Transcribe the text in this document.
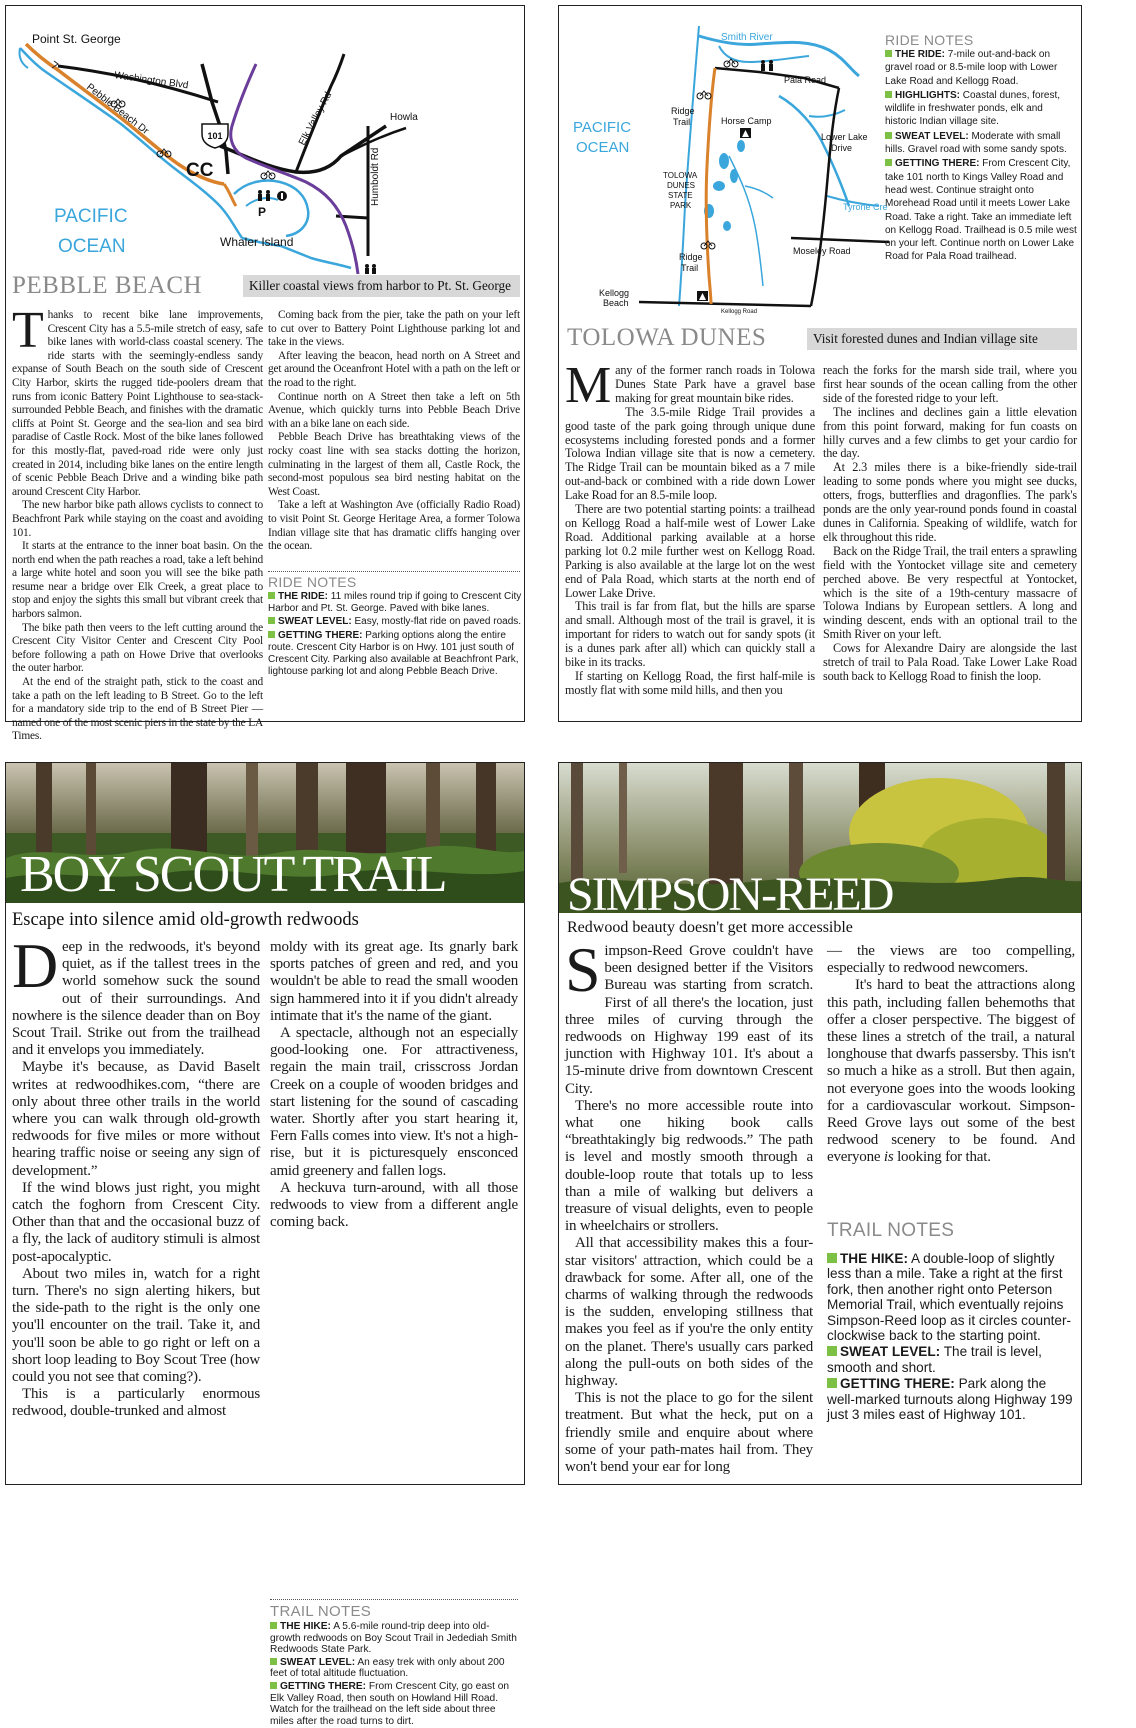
101
P
Point St. George
Washington Blvd
Pebble Beach Dr	Elk Valley Rd	Howla
Humboldt Rd
CC
PACIFIC
OCEAN	Whaler Island
PEBBLE BEACH	Killer coastal views from harbor to Pt. St. George

Thanks to recent bike lane improvements, Crescent City has a 5.5-mile stretch of easy, safe bike lanes with world-class coastal scenery. The ride starts with the seemingly-endless sandy expanse of South Beach on the south side of Crescent City Harbor, skirts the rugged tide-poolers dream that runs from iconic Battery Point Lighthouse to sea-stack-surrounded Pebble Beach, and finishes with the dramatic cliffs at Point St. George and the sea-lion and sea bird paradise of Castle Rock. Most of the bike lanes followed for this mostly-flat, paved-road ride were only just created in 2014, including bike lanes on the entire length of scenic Pebble Beach Drive and a winding bike path around Crescent City Harbor.

The new harbor bike path allows cyclists to connect to Beachfront Park while staying on the coast and avoiding 101.

It starts at the entrance to the inner boat basin. On the north end when the path reaches a road, take a left behind a large white hotel and soon you will see the bike path resume near a bridge over Elk Creek, a great place to stop and enjoy the sights this small but vibrant creek that harbors salmon.

The bike path then veers to the left cutting around the Crescent City Visitor Center and Crescent City Pool before following a path on Howe Drive that overlooks the outer harbor.

At the end of the straight path, stick to the coast and take a path on the left leading to B Street. Go to the left for a mandatory side trip to the end of B Street Pier — named one of the most scenic piers in the state by the LA Times.

Coming back from the pier, take the path on your left to cut over to Battery Point Lighthouse parking lot and take in the views.

After leaving the beacon, head north on A Street and get around the Oceanfront Hotel with a path on the left or the road to the right.

Continue north on A Street then take a left on 5th Avenue, which quickly turns into Pebble Beach Drive with an a bike lane on each side.

Pebble Beach Drive has breathtaking views of the rocky coast line with sea stacks dotting the horizon, culminating in the largest of them all, Castle Rock, the second-most populous sea bird nesting habitat on the West Coast.

Take a left at Washington Ave (officially Radio Road) to visit Point St. George Heritage Area, a former Tolowa Indian village site that has dramatic cliffs hanging over the ocean.

RIDE NOTES
THE RIDE: 11 miles round trip if going to Crescent City Harbor and Pt. St. George. Paved with bike lanes.
SWEAT LEVEL: Easy, mostly-flat ride on paved roads.
GETTING THERE: Parking options along the entire route. Crescent City Harbor is on Hwy. 101 just south of Crescent City. Parking also available at Beachfront Park, lightouse parking lot and along Pebble Beach Drive.
Smith River
Pala Road
Ridge
Trail	Horse Camp
PACIFIC
OCEAN
Lower Lake
Drive
TOLOWA
DUNES
STATE
PARK	Tyrone Cre
Moseley Road
Ridge
Trail
Kellogg
Beach
Kellogg Road
RIDE NOTES
THE RIDE: 7-mile out-and-back on gravel road or 8.5-mile loop with Lower Lake Road and Kellogg Road.
HIGHLIGHTS: Coastal dunes, forest, wildlife in freshwater ponds, elk and historic Indian village site.
SWEAT LEVEL: Moderate with small hills. Gravel road with some sandy spots.
GETTING THERE: From Crescent City, take 101 north to Kings Valley Road and head west. Continue straight onto Morehead Road until it meets Lower Lake Road. Take a right. Take an immediate left on Kellogg Road. Trailhead is 0.5 mile west on your left. Continue north on Lower Lake Road for Pala Road trailhead.
TOLOWA DUNES	Visit forested dunes and Indian village site

Many of the former ranch roads in Tolowa Dunes State Park have a gravel base making for great mountain bike rides.

The 3.5-mile Ridge Trail provides a good taste of the park going through unique dune ecosystems including forested ponds and a former Tolowa Indian village site that is now a cemetery. The Ridge Trail can be mountain biked as a 7 mile out-and-back or combined with a ride down Lower Lake Road for an 8.5-mile loop.

There are two potential starting points: a trailhead on Kellogg Road a half-mile west of Lower Lake Road. Additional parking available at a horse parking lot 0.2 mile further west on Kellogg Road. Parking is also available at the large lot on the west end of Pala Road, which starts at the north end of Lower Lake Drive.

This trail is far from flat, but the hills are sparse and small. Although most of the trail is gravel, it is important for riders to watch out for sandy spots (it is a dunes park after all) which can quickly stall a bike in its tracks.

If starting on Kellogg Road, the first half-mile is mostly flat with some mild hills, and then you

reach the forks for the marsh side trail, where you first hear sounds of the ocean calling from the other side of the forested ridge to your left.

The inclines and declines gain a little elevation from this point forward, making for fun coasts on hilly curves and a few climbs to get your cardio for the day.

At 2.3 miles there is a bike-friendly side-trail leading to some ponds where you might see ducks, otters, frogs, butterflies and dragonflies. The park's ponds are the only year-round ponds found in coastal dunes in California. Speaking of wildlife, watch for elk throughout this ride.

Back on the Ridge Trail, the trail enters a sprawling field with the Yontocket village site and cemetery perched above. Be very respectful at Yontocket, which is the site of a 19th-century massacre of Tolowa Indians by European settlers. A long and winding descent, ends with an optional trail to the Smith River on your left.

Cows for Alexandre Dairy are alongside the last stretch of trail to Pala Road. Take Lower Lake Road south back to Kellogg Road to finish the loop.

BOY SCOUT TRAIL
Escape into silence amid old-growth redwoods

Deep in the redwoods, it's beyond quiet, as if the tallest trees in the world somehow suck the sound out of their surroundings. And nowhere is the silence deader than on Boy Scout Trail. Strike out from the trailhead and it envelops you immediately.

Maybe it's because, as David Baselt writes at redwoodhikes.com, “there are only about three other trails in the world where you can walk through old-growth redwoods for five miles or more without hearing traffic noise or seeing any sign of development.”

If the wind blows just right, you might catch the foghorn from Crescent City. Other than that and the occasional buzz of a fly, the lack of auditory stimuli is almost post-apocalyptic.

About two miles in, watch for a right turn. There's no sign alerting hikers, but the side-path to the right is the only one you'll encounter on the trail. Take it, and you'll soon be able to go right or left on a short loop leading to Boy Scout Tree (how could you not see that coming?).

This is a particularly enormous redwood, double-trunked and almost

moldy with its great age. Its gnarly bark sports patches of green and red, and you wouldn't be able to read the small wooden sign hammered into it if you didn't already intimate that it's the name of the giant.

A spectacle, although not an especially good-looking one. For attractiveness, regain the main trail, crisscross Jordan Creek on a couple of wooden bridges and start listening for the sound of cascading water. Shortly after you start hearing it, Fern Falls comes into view. It's not a high-rise, but it is picturesquely ensconced amid greenery and fallen logs.

A heckuva turn-around, with all those redwoods to view from a different angle coming back.

TRAIL NOTES
THE HIKE: A 5.6-mile round-trip deep into old-growth redwoods on Boy Scout Trail in Jedediah Smith Redwoods State Park.
SWEAT LEVEL: An easy trek with only about 200 feet of total altitude fluctuation.
GETTING THERE: From Crescent City, go east on Elk Valley Road, then south on Howland Hill Road. Watch for the trailhead on the left side about three miles after the road turns to dirt.
SIMPSON-REED
Redwood beauty doesn't get more accessible

Simpson-Reed Grove couldn't have been designed better if the Visitors Bureau was starting from scratch. First of all there's the location, just three miles of curving through the redwoods on Highway 199 east of its junction with Highway 101. It's about a 15-minute drive from downtown Crescent City.

There's no more accessible route into what one hiking book calls “breathtakingly big redwoods.” The path is level and mostly smooth through a double-loop route that totals up to less than a mile of walking but delivers a treasure of visual delights, even to people in wheelchairs or strollers.

All that accessibility makes this a four-star visitors' attraction, which could be a drawback for some. After all, one of the charms of walking through the redwoods is the sudden, enveloping stillness that makes you feel as if you're the only entity on the planet. There's usually cars parked along the pull-outs on both sides of the highway.

This is not the place to go for the silent treatment. But what the heck, put on a friendly smile and enquire about where some of your path-mates hail from. They won't bend your ear for long

— the views are too compelling, especially to redwood newcomers.

It's hard to beat the attractions along this path, including fallen behemoths that offer a closer perspective. The biggest of these lines a stretch of the trail, a natural longhouse that dwarfs passersby. This isn't so much a hike as a stroll. But then again, not everyone goes into the woods looking for a cardiovascular workout. Simpson-Reed Grove lays out some of the best redwood scenery to be found. And everyone is looking for that.

TRAIL NOTES
THE HIKE: A double-loop of slightly less than a mile. Take a right at the first fork, then another right onto Peterson Memorial Trail, which eventually rejoins Simpson-Reed loop as it circles counter-clockwise back to the starting point.
SWEAT LEVEL: The trail is level, smooth and short.
GETTING THERE: Park along the well-marked turnouts along Highway 199 just 3 miles east of Highway 101.
